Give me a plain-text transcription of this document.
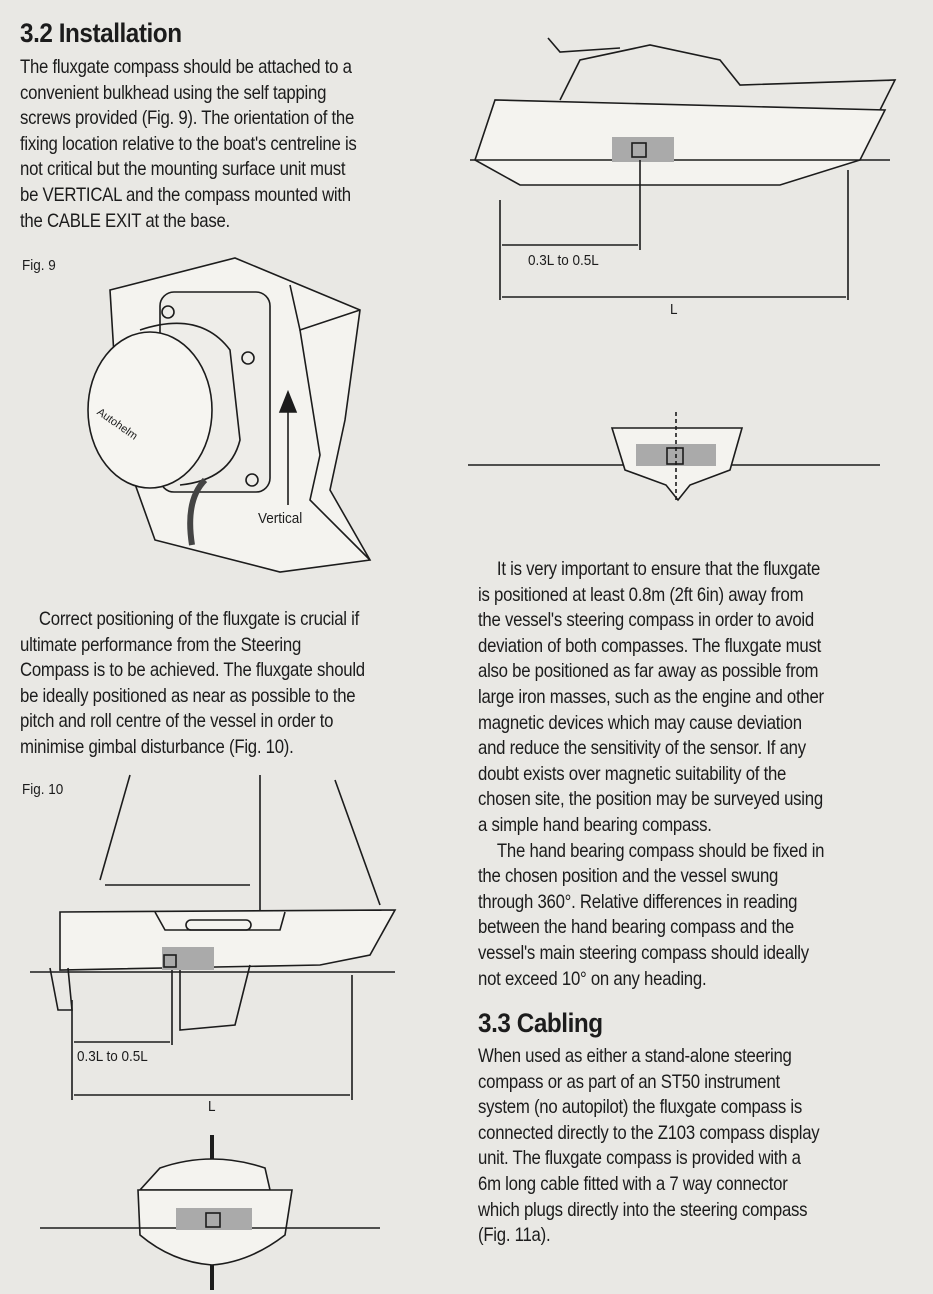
3.2 Installation
The fluxgate compass should be attached to a
convenient bulkhead using the self tapping
screws provided (Fig. 9). The orientation of the
fixing location relative to the boat's centreline is
not critical but the mounting surface unit must
be VERTICAL and the compass mounted with
the CABLE EXIT at the base.
Fig. 9
Autohelm
Vertical
Correct positioning of the fluxgate is crucial if
ultimate performance from the Steering
Compass is to be achieved. The fluxgate should
be ideally positioned as near as possible to the
pitch and roll centre of the vessel in order to
minimise gimbal disturbance (Fig. 10).
Fig. 10
0.3L to 0.5L
L
0.3L to 0.5L
L
It is very important to ensure that the fluxgate
is positioned at least 0.8m (2ft 6in) away from
the vessel's steering compass in order to avoid
deviation of both compasses. The fluxgate must
also be positioned as far away as possible from
large iron masses, such as the engine and other
magnetic devices which may cause deviation
and reduce the sensitivity of the sensor. If any
doubt exists over magnetic suitability of the
chosen site, the position may be surveyed using
a simple hand bearing compass.
The hand bearing compass should be fixed in
the chosen position and the vessel swung
through 360°. Relative differences in reading
between the hand bearing compass and the
vessel's main steering compass should ideally
not exceed 10° on any heading.
3.3 Cabling
When used as either a stand-alone steering
compass or as part of an ST50 instrument
system (no autopilot) the fluxgate compass is
connected directly to the Z103 compass display
unit. The fluxgate compass is provided with a
6m long cable fitted with a 7 way connector
which plugs directly into the steering compass
(Fig. 11a).
